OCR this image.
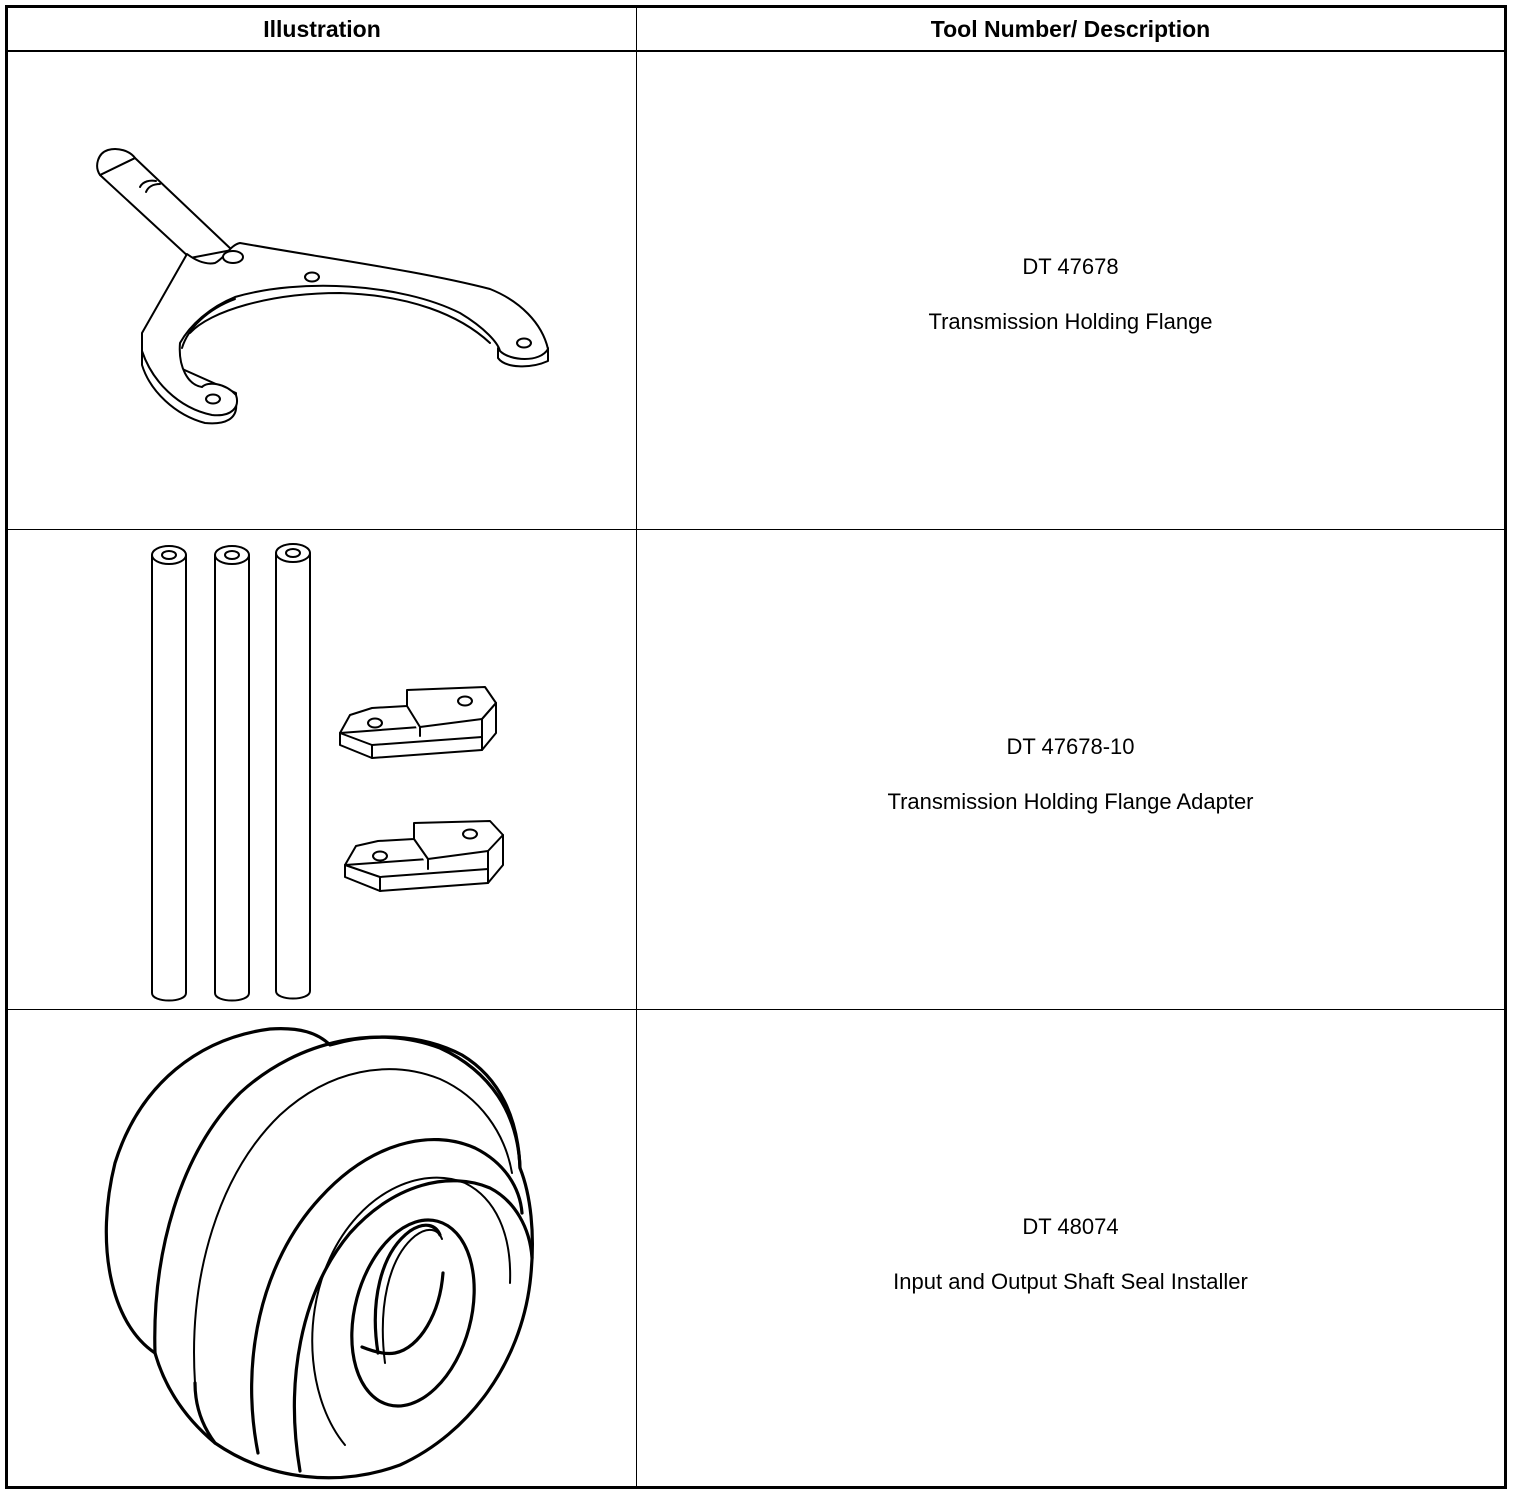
Illustration	Tool Number/ Description
DT 47678
Transmission Holding Flange
DT 47678-10
Transmission Holding Flange Adapter
DT 48074
Input and Output Shaft Seal Installer
